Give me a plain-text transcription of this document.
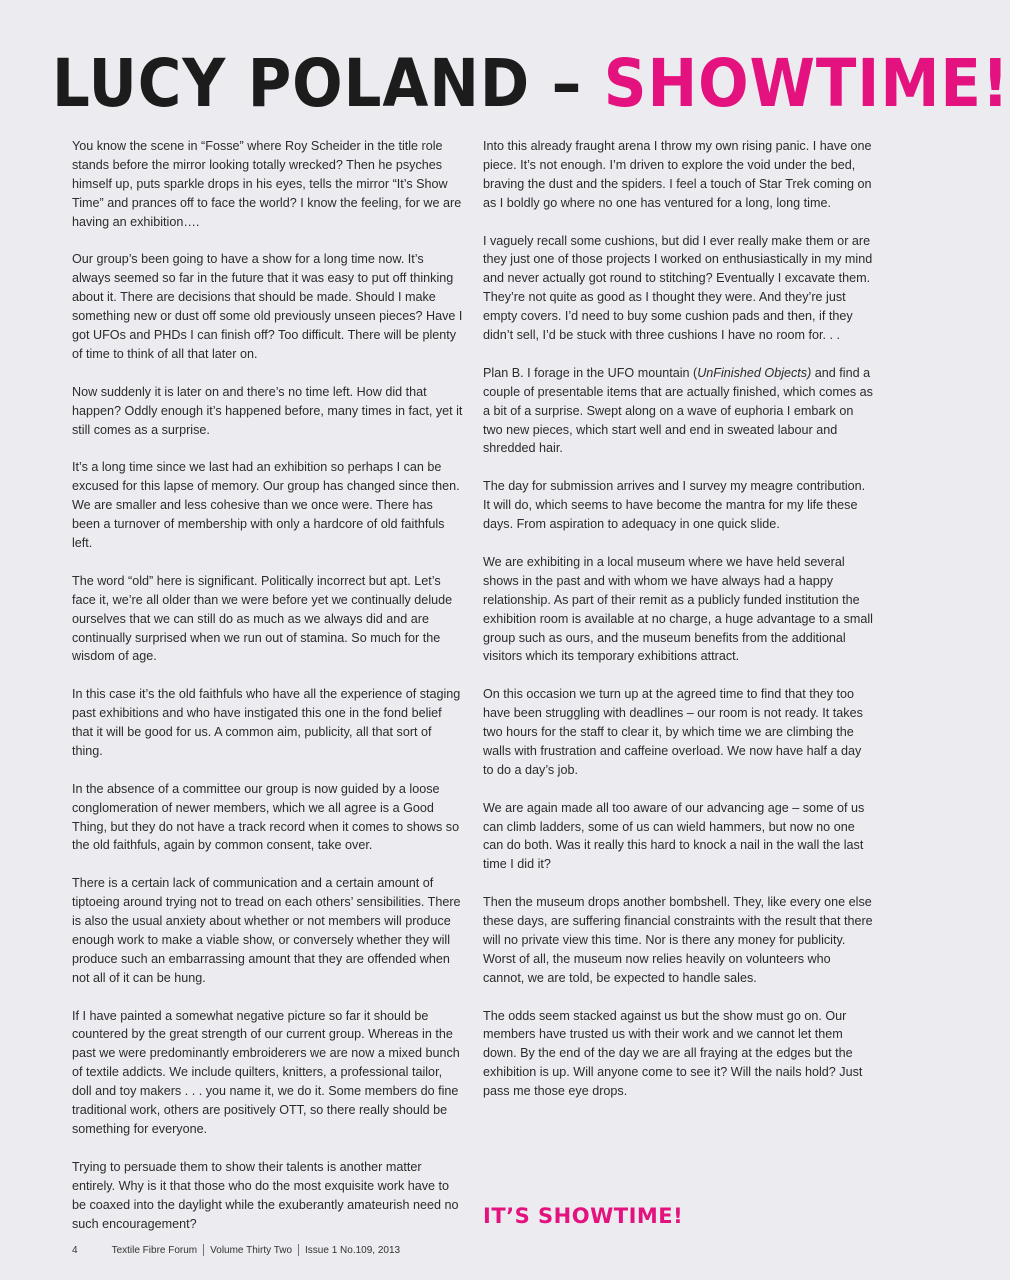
LUCY POLAND – SHOWTIME!

You know the scene in “Fosse” where Roy Scheider in the title role stands before the mirror looking totally wrecked? Then he psyches himself up, puts sparkle drops in his eyes, tells the mirror “It’s Show Time” and prances off to face the world? I know the feeling, for we are having an exhibition….

Our group’s been going to have a show for a long time now. It’s always seemed so far in the future that it was easy to put off thinking about it. There are decisions that should be made. Should I make something new or dust off some old previously unseen pieces? Have I got UFOs and PHDs I can finish off? Too difficult. There will be plenty of time to think of all that later on.

Now suddenly it is later on and there’s no time left. How did that happen? Oddly enough it’s happened before, many times in fact, yet it still comes as a surprise.

It’s a long time since we last had an exhibition so perhaps I can be excused for this lapse of memory. Our group has changed since then. We are smaller and less cohesive than we once were. There has been a turnover of membership with only a hardcore of old faithfuls left.

The word “old” here is significant. Politically incorrect but apt. Let’s face it, we’re all older than we were before yet we continually delude ourselves that we can still do as much as we always did and are continually surprised when we run out of stamina. So much for the wisdom of age.

In this case it’s the old faithfuls who have all the experience of staging past exhibitions and who have instigated this one in the fond belief that it will be good for us. A common aim, publicity, all that sort of thing.

In the absence of a committee our group is now guided by a loose conglomeration of newer members, which we all agree is a Good Thing, but they do not have a track record when it comes to shows so the old faithfuls, again by common consent, take over.

There is a certain lack of communication and a certain amount of tiptoeing around trying not to tread on each others’ sensibilities. There is also the usual anxiety about whether or not members will produce enough work to make a viable show, or conversely whether they will produce such an embarrassing amount that they are offended when not all of it can be hung.

If I have painted a somewhat negative picture so far it should be countered by the great strength of our current group. Whereas in the past we were predominantly embroiderers we are now a mixed bunch of textile addicts. We include quilters, knitters, a professional tailor, doll and toy makers . . . you name it, we do it. Some members do fine traditional work, others are positively OTT, so there really should be something for everyone.

Trying to persuade them to show their talents is another matter entirely. Why is it that those who do the most exquisite work have to be coaxed into the daylight while the exuberantly amateurish need no such encouragement?

Into this already fraught arena I throw my own rising panic. I have one piece. It’s not enough. I’m driven to explore the void under the bed, braving the dust and the spiders. I feel a touch of Star Trek coming on as I boldly go where no one has ventured for a long, long time.

I vaguely recall some cushions, but did I ever really make them or are they just one of those projects I worked on enthusiastically in my mind and never actually got round to stitching? Eventually I excavate them. They’re not quite as good as I thought they were. And they’re just empty covers. I’d need to buy some cushion pads and then, if they didn’t sell, I’d be stuck with three cushions I have no room for. . .

Plan B. I forage in the UFO mountain (UnFinished Objects) and find a couple of presentable items that are actually finished, which comes as a bit of a surprise. Swept along on a wave of euphoria I embark on two new pieces, which start well and end in sweated labour and shredded hair.

The day for submission arrives and I survey my meagre contribution. It will do, which seems to have become the mantra for my life these days. From aspiration to adequacy in one quick slide.

We are exhibiting in a local museum where we have held several shows in the past and with whom we have always had a happy relationship. As part of their remit as a publicly funded institution the exhibition room is available at no charge, a huge advantage to a small group such as ours, and the museum benefits from the additional visitors which its temporary exhibitions attract.

On this occasion we turn up at the agreed time to find that they too have been struggling with deadlines – our room is not ready. It takes two hours for the staff to clear it, by which time we are climbing the walls with frustration and caffeine overload. We now have half a day to do a day’s job.

We are again made all too aware of our advancing age – some of us can climb ladders, some of us can wield hammers, but now no one can do both. Was it really this hard to knock a nail in the wall the last time I did it?

Then the museum drops another bombshell. They, like every one else these days, are suffering financial constraints with the result that there will no private view this time. Nor is there any money for publicity. Worst of all, the museum now relies heavily on volunteers who cannot, we are told, be expected to handle sales.

The odds seem stacked against us but the show must go on. Our members have trusted us with their work and we cannot let them down. By the end of the day we are all fraying at the edges but the exhibition is up. Will anyone come to see it? Will the nails hold? Just pass me those eye drops.

IT’S SHOWTIME!
4	Textile Fibre Forum Volume Thirty Two Issue 1 No.109, 2013
